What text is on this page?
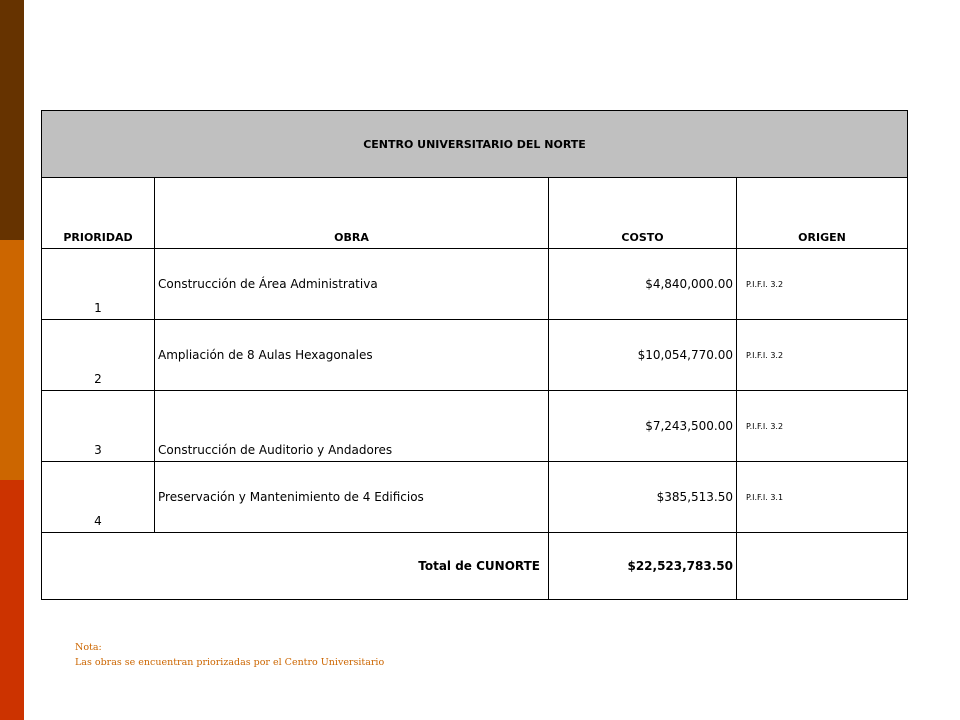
CENTRO UNIVERSITARIO DEL NORTE			
PRIORIDAD	OBRA	COSTO	ORIGEN
1	Construcción de Área Administrativa	$4,840,000.00	P.I.F.I. 3.2
2	Ampliación de 8 Aulas Hexagonales	$10,054,770.00	P.I.F.I. 3.2
3	Construcción de Auditorio y Andadores	$7,243,500.00	P.I.F.I. 3.2
4	Preservación y Mantenimiento de 4 Edificios	$385,513.50	P.I.F.I. 3.1
Total de CUNORTE		$22,523,783.50	
Nota:
Las obras se encuentran priorizadas por el Centro Universitario
